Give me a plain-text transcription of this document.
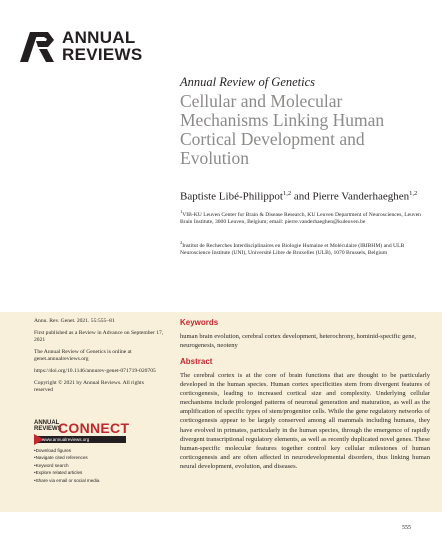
ANNUAL
REVIEWS
Annual Review of Genetics
Cellular and Molecular Mechanisms Linking Human Cortical Development and Evolution
Baptiste Libé-Philippot$^{1,2}$ and Pierre Vanderhaeghen$^{1,2}$
$^1$VIB-KU Leuven Center for Brain & Disease Research, KU Leuven Department of Neurosciences, Leuven Brain Institute, 3000 Leuven, Belgium; email: pierre.vanderhaeghen@kuleuven.be
$^2$Institut de Recherches Interdisciplinaires en Biologie Humaine et Moléculaire (IRIBHM) and ULB Neuroscience Institute (UNI), Université Libre de Bruxelles (ULB), 1070 Brussels, Belgium

Annu. Rev. Genet. 2021. 55:555–81

First published as a Review in Advance on September 17, 2021

The Annual Review of Genetics is online at genet.annualreviews.org

https://doi.org/10.1146/annurev-genet-071719-020705

Copyright © 2021 by Annual Reviews. All rights reserved

ANNUAL
REVIEWS
CONNECT
www.annualreviews.org
• Download figures
• Navigate cited references
• Keyword search
• Explore related articles
• Share via email or social media
Keywords
human brain evolution, cerebral cortex development, heterochrony, hominid-specific gene, neurogenesis, neoteny
Abstract
The cerebral cortex is at the core of brain functions that are thought to be particularly developed in the human species. Human cortex specificities stem from divergent features of corticogenesis, leading to increased cortical size and complexity. Underlying cellular mechanisms include prolonged patterns of neuronal generation and maturation, as well as the amplification of specific types of stem/progenitor cells. While the gene regulatory networks of corticogenesis appear to be largely conserved among all mammals including humans, they have evolved in primates, particularly in the human species, through the emergence of rapidly divergent transcriptional regulatory elements, as well as recently duplicated novel genes. These human-specific molecular features together control key cellular milestones of human corticogenesis and are often affected in neurodevelopmental disorders, thus linking human neural development, evolution, and diseases.
555
